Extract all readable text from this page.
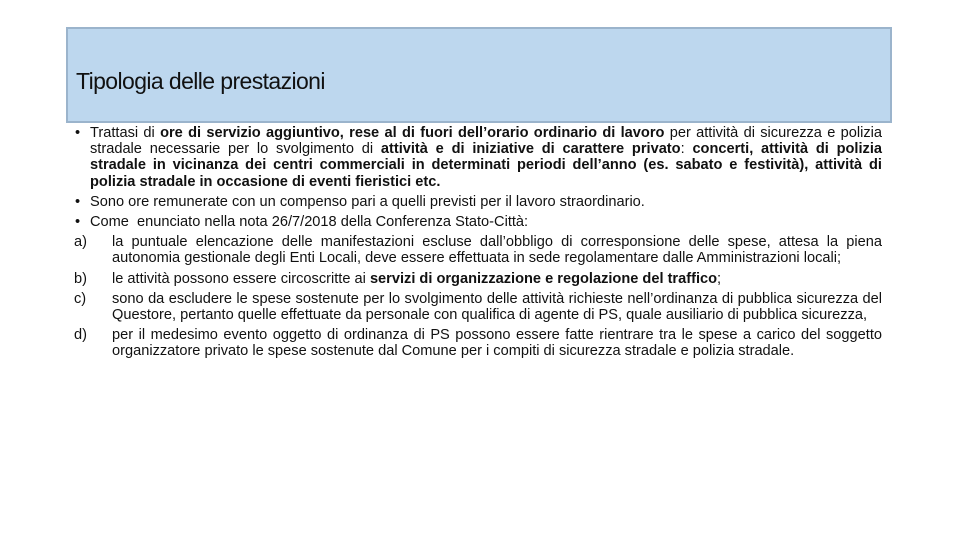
Tipologia delle prestazioni
• Trattasi di ore di servizio aggiuntivo, rese al di fuori dell’orario ordinario di lavoro per attività di sicurezza e polizia stradale necessarie per lo svolgimento di attività e di iniziative di carattere privato: concerti, attività di polizia stradale in vicinanza dei centri commerciali in determinati periodi dell’anno (es. sabato e festività), attività di polizia stradale in occasione di eventi fieristici etc.
• Sono ore remunerate con un compenso pari a quelli previsti per il lavoro straordinario.
• Come  enunciato nella nota 26/7/2018 della Conferenza Stato-Città:
a) la puntuale elencazione delle manifestazioni escluse dall’obbligo di corresponsione delle spese, attesa la piena autonomia gestionale degli Enti Locali, deve essere effettuata in sede regolamentare dalle Amministrazioni locali;
b) le attività possono essere circoscritte ai servizi di organizzazione e regolazione del traffico;
c) sono da escludere le spese sostenute per lo svolgimento delle attività richieste nell’ordinanza di pubblica sicurezza del Questore, pertanto quelle effettuate da personale con qualifica di agente di PS, quale ausiliario di pubblica sicurezza,
d) per il medesimo evento oggetto di ordinanza di PS possono essere fatte rientrare tra le spese a carico del soggetto organizzatore privato le spese sostenute dal Comune per i compiti di sicurezza stradale e polizia stradale.
